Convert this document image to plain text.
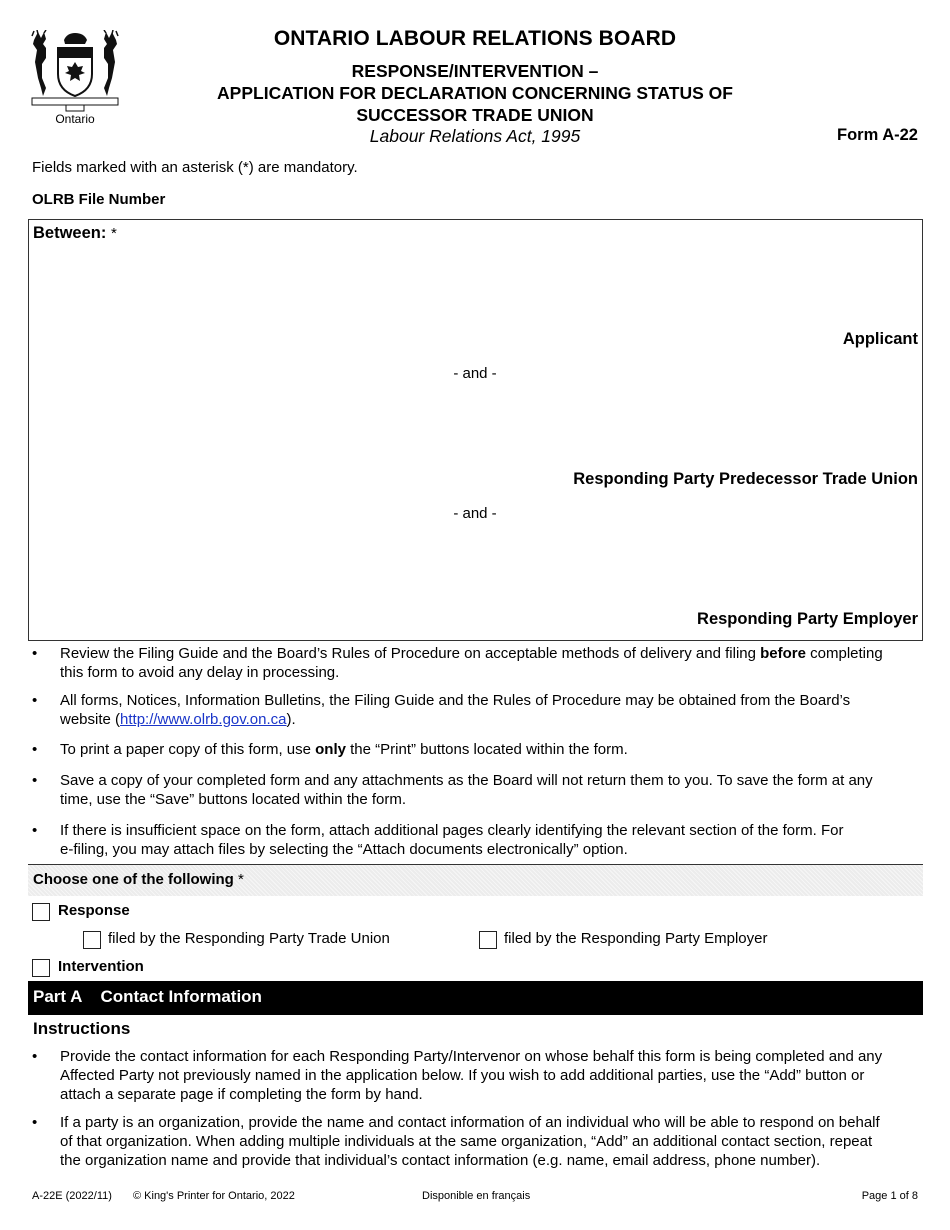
Ontario
ONTARIO LABOUR RELATIONS BOARD
RESPONSE/INTERVENTION –
APPLICATION FOR DECLARATION CONCERNING STATUS OF
SUCCESSOR TRADE UNION
Labour Relations Act, 1995	Form A-22
Fields marked with an asterisk (*) are mandatory.
OLRB File Number
Between: *
Applicant
- and -
Responding Party Predecessor Trade Union
- and -
Responding Party Employer
•	Review the Filing Guide and the Board’s Rules of Procedure on acceptable methods of delivery and filing before completing
this form to avoid any delay in processing.
•	All forms, Notices, Information Bulletins, the Filing Guide and the Rules of Procedure may be obtained from the Board’s
website (http://www.olrb.gov.on.ca).
•	To print a paper copy of this form, use only the “Print” buttons located within the form.
•	Save a copy of your completed form and any attachments as the Board will not return them to you. To save the form at any
time, use the “Save” buttons located within the form.
•	If there is insufficient space on the form, attach additional pages clearly identifying the relevant section of the form. For
e-filing, you may attach files by selecting the “Attach documents electronically” option.
Choose one of the following *
Response
filed by the Responding Party Trade Union	filed by the Responding Party Employer
Intervention
Part A Contact Information
Instructions
•	Provide the contact information for each Responding Party/Intervenor on whose behalf this form is being completed and any
Affected Party not previously named in the application below. If you wish to add additional parties, use the “Add” button or
attach a separate page if completing the form by hand.
•	If a party is an organization, provide the name and contact information of an individual who will be able to respond on behalf
of that organization. When adding multiple individuals at the same organization, “Add” an additional contact section, repeat
the organization name and provide that individual’s contact information (e.g. name, email address, phone number).
A-22E (2022/11) © King's Printer for Ontario, 2022	Disponible en français	Page 1 of 8
